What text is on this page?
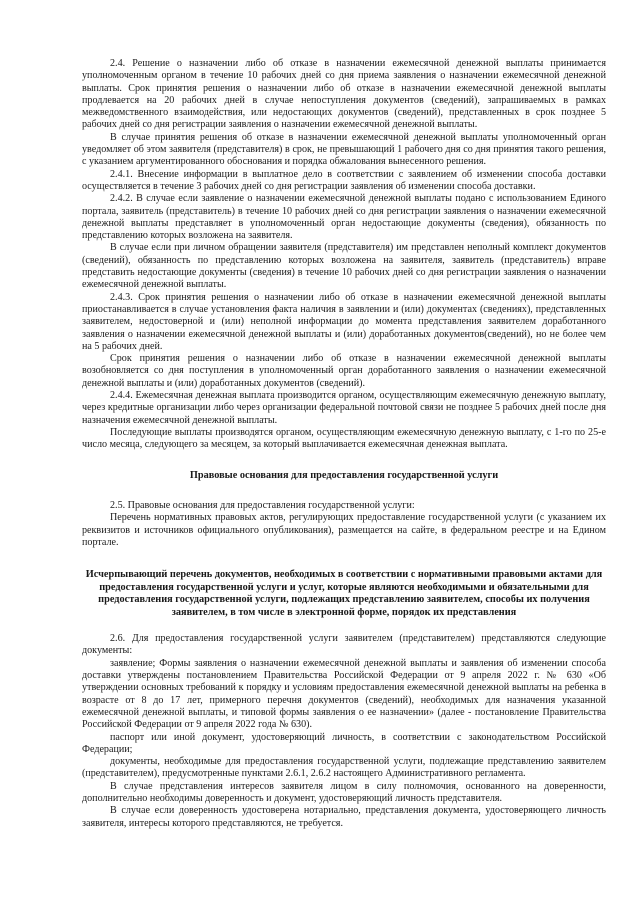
2.4. Решение о назначении либо об отказе в назначении ежемесячной денежной выплаты принимается уполномоченным органом в течение 10 рабочих дней со дня приема заявления о назначении ежемесячной денежной выплаты. Срок принятия решения о назначении либо об отказе в назначении ежемесячной денежной выплаты продлевается на 20 рабочих дней в случае непоступления документов (сведений), запрашиваемых в рамках межведомственного взаимодействия, или недостающих документов (сведений), представленных в срок позднее 5 рабочих дней со дня регистрации заявления о назначении ежемесячной денежной выплаты.

В случае принятия решения об отказе в назначении ежемесячной денежной выплаты уполномоченный орган уведомляет об этом заявителя (представителя) в срок, не превышающий 1 рабочего дня со дня принятия такого решения, с указанием аргументированного обоснования и порядка обжалования вынесенного решения.

2.4.1. Внесение информации в выплатное дело в соответствии с заявлением об изменении способа доставки осуществляется в течение 3 рабочих дней со дня регистрации заявления об изменении способа доставки.

2.4.2. В случае если заявление о назначении ежемесячной денежной выплаты подано с использованием Единого портала, заявитель (представитель) в течение 10 рабочих дней со дня регистрации заявления о назначении ежемесячной денежной выплаты представляет в уполномоченный орган недостающие документы (сведения), обязанность по представлению которых возложена на заявителя.

В случае если при личном обращении заявителя (представителя) им представлен неполный комплект документов (сведений), обязанность по представлению которых возложена на заявителя, заявитель (представитель) вправе представить недостающие документы (сведения) в течение 10 рабочих дней со дня регистрации заявления о назначении ежемесячной денежной выплаты.

2.4.3. Срок принятия решения о назначении либо об отказе в назначении ежемесячной денежной выплаты приостанавливается в случае установления факта наличия в заявлении и (или) документах (сведениях), представленных заявителем, недостоверной и (или) неполной информации до момента представления заявителем доработанного заявления о назначении ежемесячной денежной выплаты и (или) доработанных документов(сведений), но не более чем на 5 рабочих дней.

Срок принятия решения о назначении либо об отказе в назначении ежемесячной денежной выплаты возобновляется со дня поступления в уполномоченный орган доработанного заявления о назначении ежемесячной денежной выплаты и (или) доработанных документов (сведений).

2.4.4. Ежемесячная денежная выплата производится органом, осуществляющим ежемесячную денежную выплату, через кредитные организации либо через организации федеральной почтовой связи не позднее 5 рабочих дней после дня назначения ежемесячной денежной выплаты.

Последующие выплаты производятся органом, осуществляющим ежемесячную денежную выплату, с 1-го по 25-е число месяца, следующего за месяцем, за который выплачивается ежемесячная денежная выплата.

Правовые основания для предоставления государственной услуги

2.5. Правовые основания для предоставления государственной услуги:

Перечень нормативных правовых актов, регулирующих предоставление государственной услуги (с указанием их реквизитов и источников официального опубликования), размещается на сайте, в федеральном реестре и на Едином портале.

Исчерпывающий перечень документов, необходимых в соответствии с нормативными правовыми актами для предоставления государственной услуги и услуг, которые являются необходимыми и обязательными для предоставления государственной услуги, подлежащих представлению заявителем, способы их получения заявителем, в том числе в электронной форме, порядок их представления

2.6. Для предоставления государственной услуги заявителем (представителем) представляются следующие документы:

заявление; Формы заявления о назначении ежемесячной денежной выплаты и заявления об изменении способа доставки утверждены постановлением Правительства Российской Федерации от 9 апреля 2022 г. № 630 «Об утверждении основных требований к порядку и условиям предоставления ежемесячной денежной выплаты на ребенка в возрасте от 8 до 17 лет, примерного перечня документов (сведений), необходимых для назначения указанной ежемесячной денежной выплаты, и типовой формы заявления о ее назначении» (далее - постановление Правительства Российской Федерации от 9 апреля 2022 года № 630).

паспорт или иной документ, удостоверяющий личность, в соответствии с законодательством Российской Федерации;

документы, необходимые для предоставления государственной услуги, подлежащие представлению заявителем (представителем), предусмотренные пунктами 2.6.1, 2.6.2 настоящего Административного регламента.

В случае представления интересов заявителя лицом в силу полномочия, основанного на доверенности, дополнительно необходимы доверенность и документ, удостоверяющий личность представителя.

В случае если доверенность удостоверена нотариально, представления документа, удостоверяющего личность заявителя, интересы которого представляются, не требуется.
